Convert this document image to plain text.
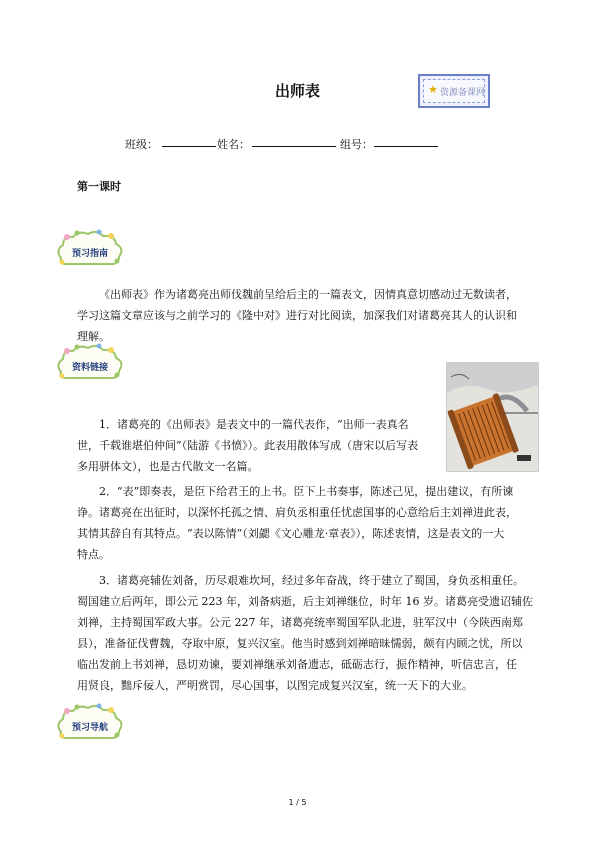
出师表	★ 资源备课网
班级：	姓名：	组号：
第一课时
预习指南

《出师表》作为诸葛亮出师伐魏前呈给后主的一篇表文，因情真意切感动过无数读者，

学习这篇文章应该与之前学习的《隆中对》进行对比阅读，加深我们对诸葛亮其人的认识和
理解。
资料链接

1．诸葛亮的《出师表》是表文中的一篇代表作，“出师一表真名

世，千载谁堪伯仲间”（陆游《书愤》）。此表用散体写成（唐宋以后写表
多用骈体文），也是古代散文一名篇。

2．“表”即奏表，是臣下给君王的上书。臣下上书奏事，陈述己见，提出建议，有所谏

诤。诸葛亮在出征时，以深怀托孤之情、肩负丞相重任忧虑国事的心意给后主刘禅进此表，
其情其辞自有其特点。“表以陈情”（刘勰《文心雕龙·章表》），陈述衷情，这是表文的一大
特点。

3．诸葛亮辅佐刘备，历尽艰难坎坷，经过多年奋战，终于建立了蜀国，身负丞相重任。

蜀国建立后两年，即公元 223 年，刘备病逝，后主刘禅继位，时年 16 岁。诸葛亮受遗诏辅佐
刘禅，主持蜀国军政大事。公元 227 年，诸葛亮统率蜀国军队北进，驻军汉中（今陕西南郑
县），准备征伐曹魏，夺取中原，复兴汉室。他当时感到刘禅暗昧懦弱，颇有内顾之忧，所以
临出发前上书刘禅，恳切劝谏，要刘禅继承刘备遗志，砥砺志行，振作精神，听信忠言，任
用贤良，黜斥佞人，严明赏罚，尽心国事，以图完成复兴汉室，统一天下的大业。
预习导航
1 / 5
